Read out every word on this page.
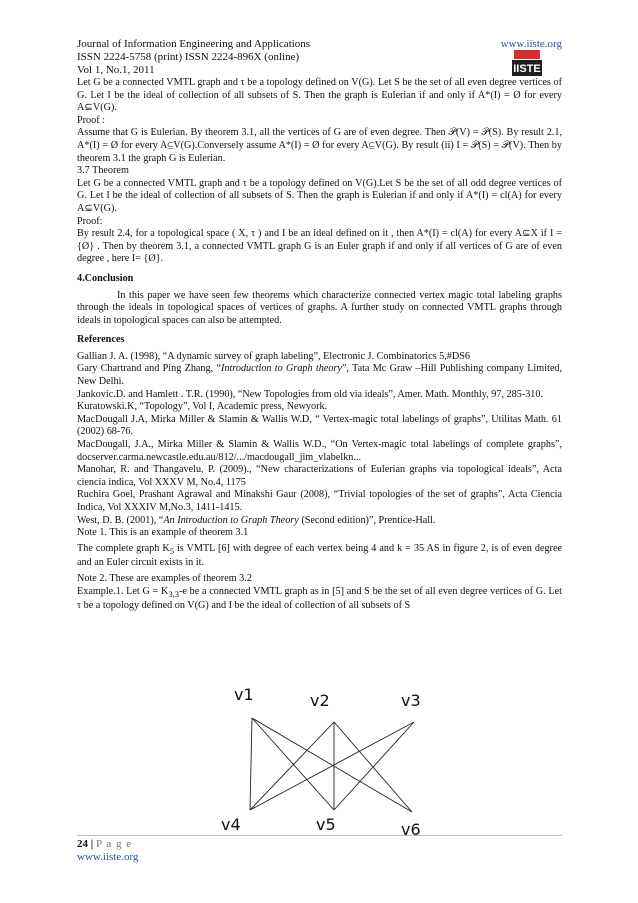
Journal of Information Engineering and Applications	www.iiste.org
ISSN 2224-5758 (print) ISSN 2224-896X (online)
Vol 1, No.1, 2011	IISTE

Let G be a connected VMTL graph and τ be a topology defined on V(G). Let S be the set of all even degree vertices of G. Let I be the ideal of collection of all subsets of S. Then the graph is Eulerian if and only if A*(I) = Ø for every A⊆V(G).

Proof :

Assume that G is Eulerian. By theorem 3.1, all the vertices of G are of even degree. Then 𝒫(V) = 𝒫(S). By result 2.1, A*(I) = Ø for every A⊆V(G).Conversely assume A*(I) = Ø for every A⊆V(G). By result (ii) I = 𝒫(S) = 𝒫(V). Then by theorem 3.1 the graph G is Eulerian.

3.7 Theorem

Let G be a connected VMTL graph and τ be a topology defined on V(G).Let S be the set of all odd degree vertices of G. Let I be the ideal of collection of all subsets of S. Then the graph is Eulerian if and only if A*(I) = cl(A) for every A⊆V(G).

Proof:

By result 2.4, for a topological space ( X, τ ) and I be an ideal defined on it , then A*(I) = cl(A) for every A⊆X if I = {Ø} . Then by theorem 3.1, a connected VMTL graph G is an Euler graph if and only if all vertices of G are of even degree , here I= {Ø}.

4.Conclusion

In this paper we have seen few theorems which characterize connected vertex magic total labeling graphs through the ideals in topological spaces of vertices of graphs. A further study on connected VMTL graphs through ideals in topological spaces can also be attempted.

References

Gallian J. A. (1998), “A dynamic survey of graph labeling”, Electronic J. Combinatorics 5,#DS6

Gary Chartrand and Ping Zhang, “Introduction to Graph theory”, Tata Mc Graw –Hill Publishing company Limited, New Delhi.

Jankovic.D. and Hamlett . T.R. (1990), “New Topologies from old via ideals”, Amer. Math. Monthly, 97, 285-310.

Kuratowski.K, “Topology”, Vol I, Academic press, Newyork.

MacDougall J.A, Mirka Miller & Slamin & Wallis W.D, “ Vertex-magic total labelings of graphs”, Utilitas Math. 61 (2002) 68-76.

MacDougall, J.A., Mirka Miller & Slamin & Wallis W.D., “On Vertex-magic total labelings of complete graphs”, docserver.carma.newcastle.edu.au/812/.../macdougall_jim_vlabelkn...

Manohar, R. and Thangavelu, P. (2009)., “New characterizations of Eulerian graphs via topological ideals”, Acta ciencia indica, Vol XXXV M, No.4, 1175

Ruchira Goel, Prashant Agrawal and Minakshi Gaur (2008), “Trivial topologies of the set of graphs”, Acta Ciencia Indica, Vol XXXIV M,No.3, 1411-1415.

West, D. B. (2001), “An Introduction to Graph Theory (Second edition)”, Prentice-Hall.

Note 1. This is an example of theorem 3.1

The complete graph $K_5$ is VMTL [6] with degree of each vertex being 4 and k = 35 AS in figure 2, is of even degree and an Euler circuit exists in it.

Note 2. These are examples of theorem 3.2

Example.1. Let $G = K_{3,3}-e$ be a connected VMTL graph as in [5] and S be the set of all even degree vertices of G. Let τ be a topology defined on V(G) and I be the ideal of collection of all subsets of S

v1	v2	v3
v4	v5	v6
24 | P a g e
www.iiste.org
